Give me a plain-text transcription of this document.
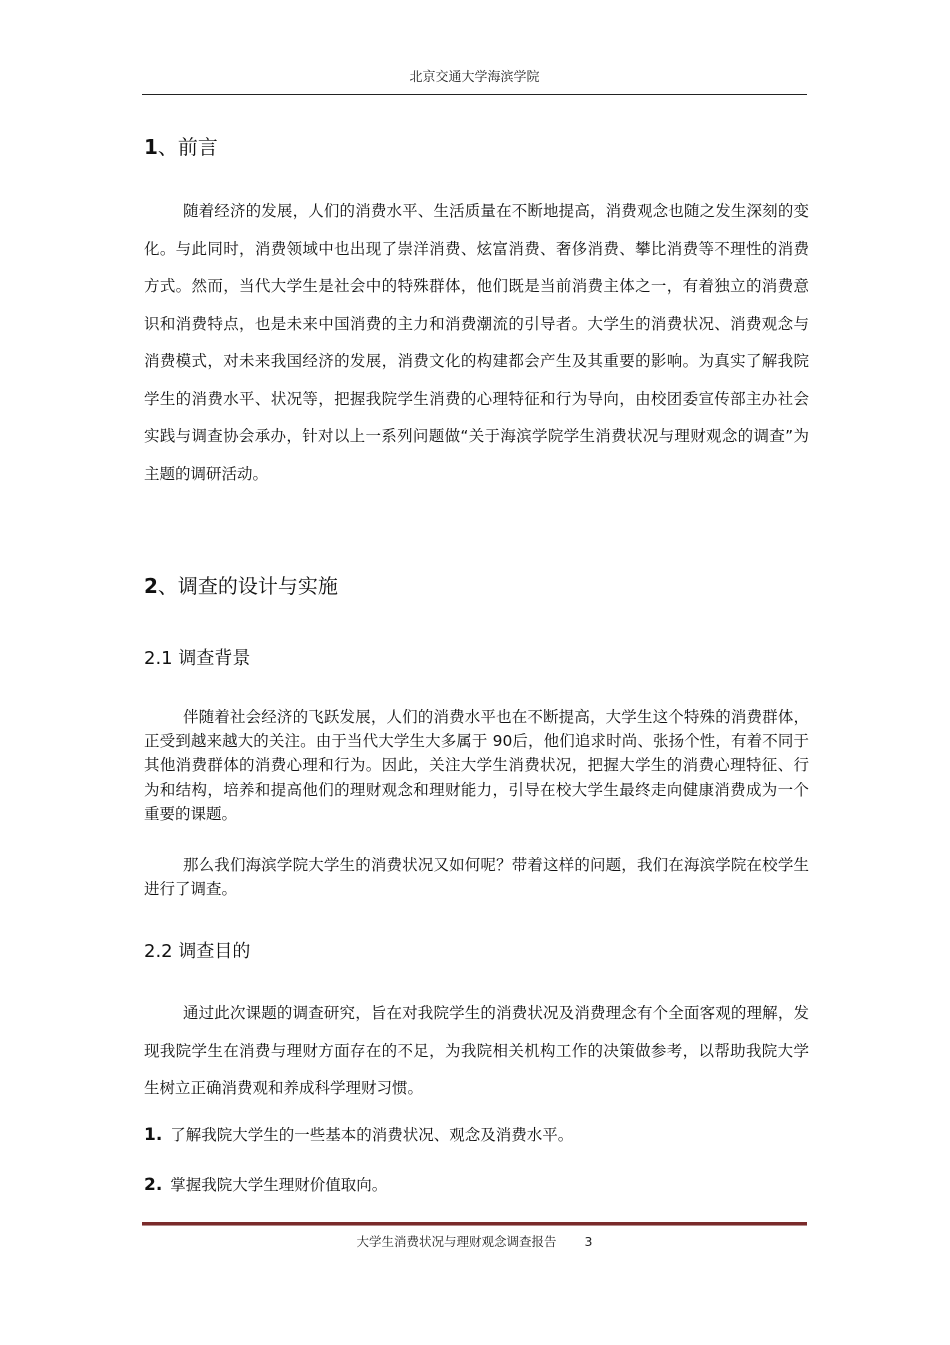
北京交通大学海滨学院
1、前言

随着经济的发展，人们的消费水平、生活质量在不断地提高，消费观念也随之发生深刻的变化。与此同时，消费领域中也出现了崇洋消费、炫富消费、奢侈消费、攀比消费等不理性的消费方式。然而，当代大学生是社会中的特殊群体，他们既是当前消费主体之一，有着独立的消费意识和消费特点，也是未来中国消费的主力和消费潮流的引导者。大学生的消费状况、消费观念与消费模式，对未来我国经济的发展，消费文化的构建都会产生及其重要的影响。为真实了解我院学生的消费水平、状况等，把握我院学生消费的心理特征和行为导向，由校团委宣传部主办社会实践与调查协会承办，针对以上一系列问题做“关于海滨学院学生消费状况与理财观念的调查”为主题的调研活动。

2、调查的设计与实施
2.1 调查背景

伴随着社会经济的飞跃发展，人们的消费水平也在不断提高，大学生这个特殊的消费群体，正受到越来越大的关注。由于当代大学生大多属于 90后，他们追求时尚、张扬个性，有着不同于其他消费群体的消费心理和行为。因此，关注大学生消费状况，把握大学生的消费心理特征、行为和结构，培养和提高他们的理财观念和理财能力，引导在校大学生最终走向健康消费成为一个重要的课题。

那么我们海滨学院大学生的消费状况又如何呢？带着这样的问题，我们在海滨学院在校学生进行了调查。

2.2 调查目的

通过此次课题的调查研究，旨在对我院学生的消费状况及消费理念有个全面客观的理解，发现我院学生在消费与理财方面存在的不足，为我院相关机构工作的决策做参考，以帮助我院大学生树立正确消费观和养成科学理财习惯。

1. 了解我院大学生的一些基本的消费状况、观念及消费水平。
2. 掌握我院大学生理财价值取向。
大学生消费状况与理财观念调查报告 3
